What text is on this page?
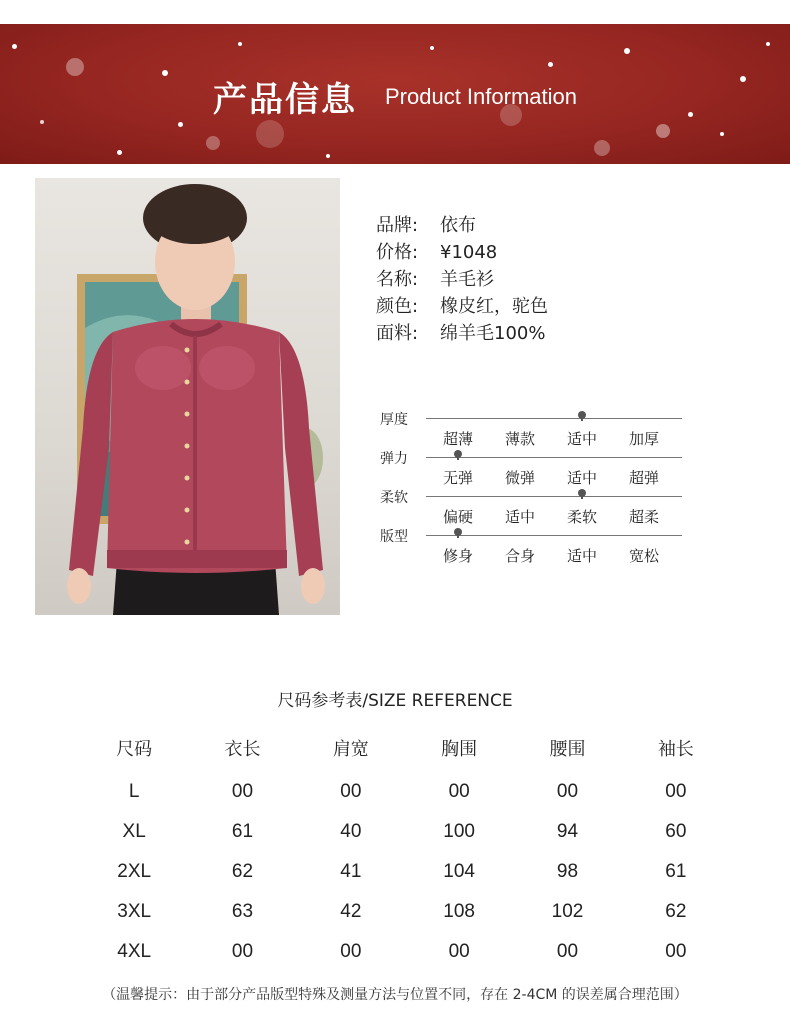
产品信息 Product Information
品牌: 依布
价格: ¥1048
名称: 羊毛衫
颜色: 橡皮红，驼色
面料: 绵羊毛100%
厚度
超薄	薄款	适中	加厚
弹力
无弹	微弹	适中	超弹
柔软
偏硬	适中	柔软	超柔
版型
修身	合身	适中	宽松
尺码参考表/SIZE REFERENCE
尺码	衣长	肩宽	胸围	腰围	袖长
L	00	00	00	00	00
XL	61	40	100	94	60
2XL	62	41	104	98	61
3XL	63	42	108	102	62
4XL	00	00	00	00	00
（温馨提示：由于部分产品版型特殊及测量方法与位置不同，存在 2-4CM 的误差属合理范围）
